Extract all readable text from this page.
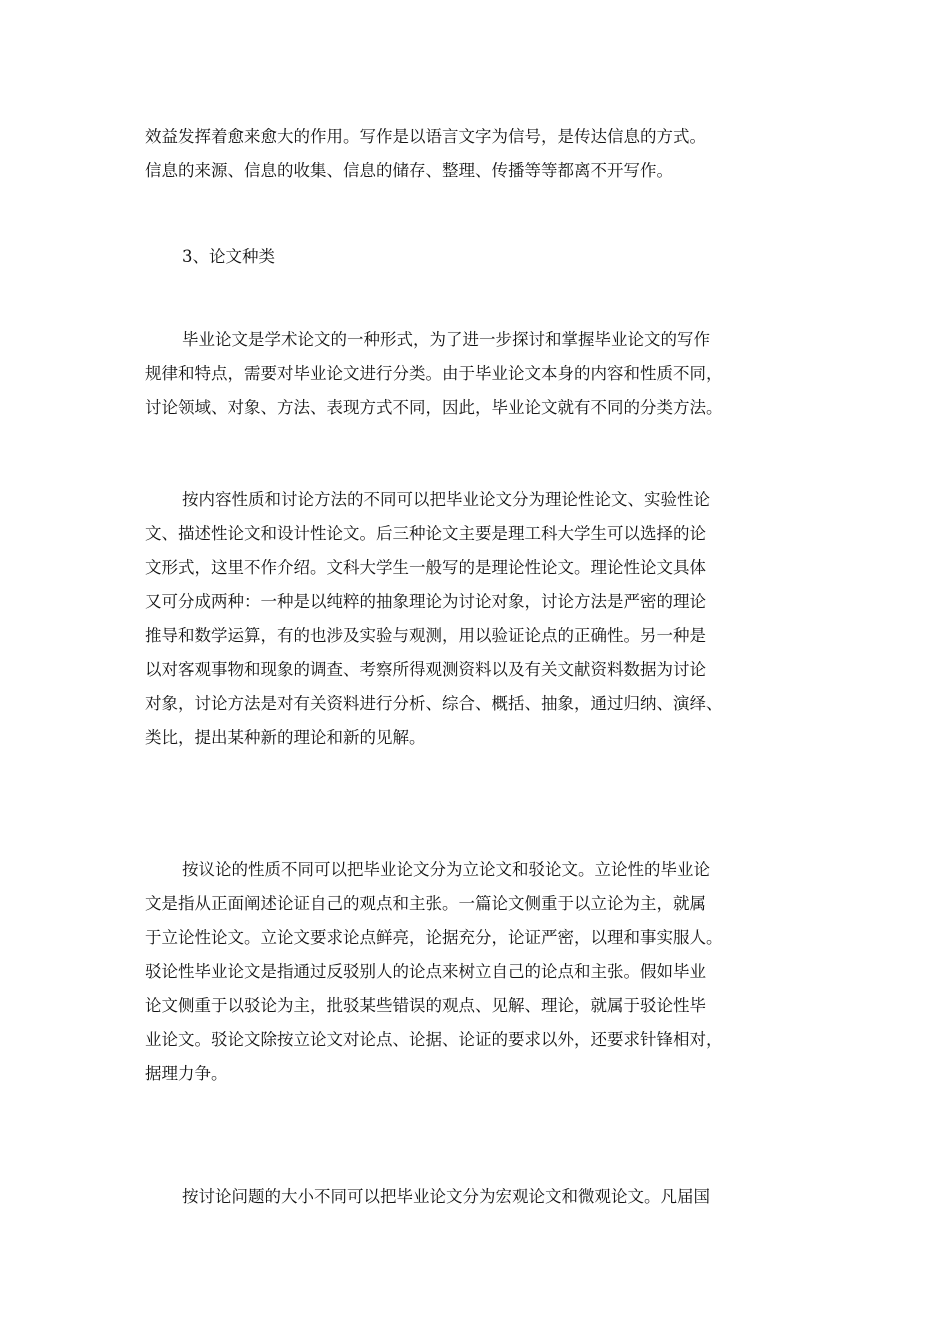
效益发挥着愈来愈大的作用。写作是以语言文字为信号，是传达信息的方式。
信息的来源、信息的收集、信息的储存、整理、传播等等都离不开写作。
3、论文种类
毕业论文是学术论文的一种形式，为了进一步探讨和掌握毕业论文的写作
规律和特点，需要对毕业论文进行分类。由于毕业论文本身的内容和性质不同，
讨论领域、对象、方法、表现方式不同，因此，毕业论文就有不同的分类方法。
按内容性质和讨论方法的不同可以把毕业论文分为理论性论文、实验性论
文、描述性论文和设计性论文。后三种论文主要是理工科大学生可以选择的论
文形式，这里不作介绍。文科大学生一般写的是理论性论文。理论性论文具体
又可分成两种：一种是以纯粹的抽象理论为讨论对象，讨论方法是严密的理论
推导和数学运算，有的也涉及实验与观测，用以验证论点的正确性。另一种是
以对客观事物和现象的调查、考察所得观测资料以及有关文献资料数据为讨论
对象，讨论方法是对有关资料进行分析、综合、概括、抽象，通过归纳、演绎、
类比，提出某种新的理论和新的见解。
按议论的性质不同可以把毕业论文分为立论文和驳论文。立论性的毕业论
文是指从正面阐述论证自己的观点和主张。一篇论文侧重于以立论为主，就属
于立论性论文。立论文要求论点鲜亮，论据充分，论证严密，以理和事实服人。
驳论性毕业论文是指通过反驳别人的论点来树立自己的论点和主张。假如毕业
论文侧重于以驳论为主，批驳某些错误的观点、见解、理论，就属于驳论性毕
业论文。驳论文除按立论文对论点、论据、论证的要求以外，还要求针锋相对，
据理力争。
按讨论问题的大小不同可以把毕业论文分为宏观论文和微观论文。凡届国
